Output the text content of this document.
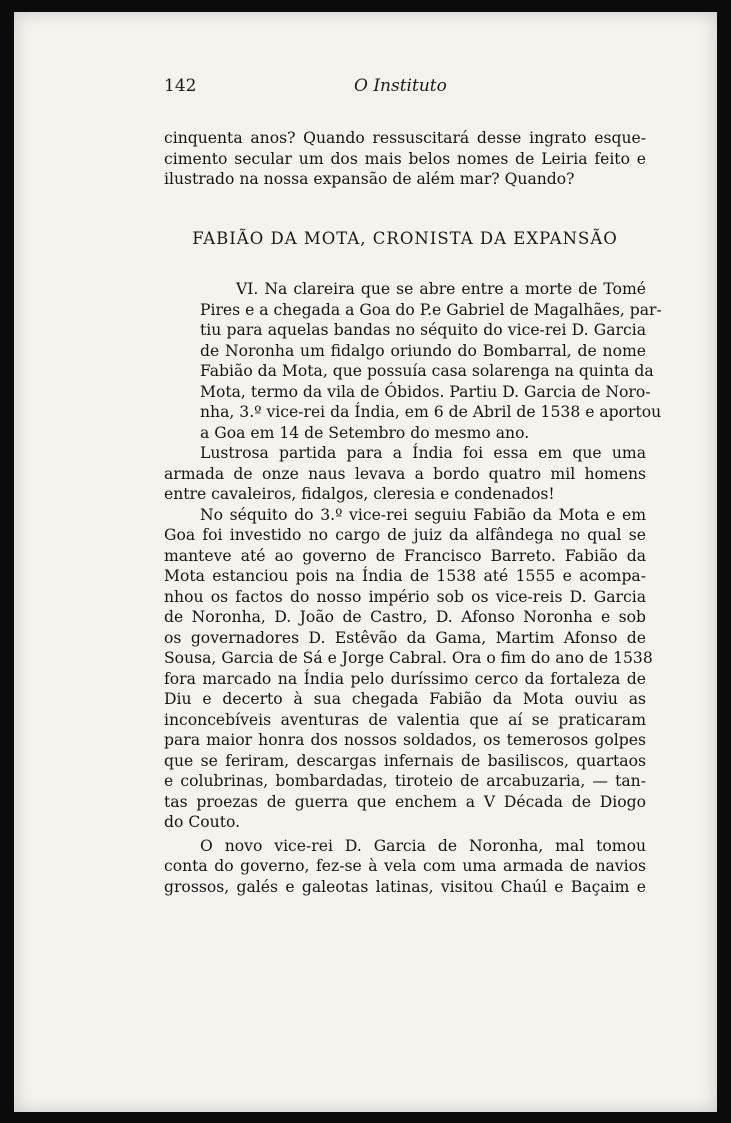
142	O Instituto

cinquenta anos? Quando ressuscitará desse ingrato esque-
cimento secular um dos mais belos nomes de Leiria feito e
ilustrado na nossa expansão de além mar? Quando?

FABIÃO DA MOTA, CRONISTA DA EXPANSÃO

VI. Na clareira que se abre entre a morte de Tomé
Pires e a chegada a Goa do P.e Gabriel de Magalhães, par-
tiu para aquelas bandas no séquito do vice-rei D. Garcia
de Noronha um fidalgo oriundo do Bombarral, de nome
Fabião da Mota, que possuía casa solarenga na quinta da
Mota, termo da vila de Óbidos. Partiu D. Garcia de Noro-
nha, 3.º vice-rei da Índia, em 6 de Abril de 1538 e aportou
a Goa em 14 de Setembro do mesmo ano.

Lustrosa partida para a Índia foi essa em que uma
armada de onze naus levava a bordo quatro mil homens
entre cavaleiros, fidalgos, cleresia e condenados!

No séquito do 3.º vice-rei seguiu Fabião da Mota e em
Goa foi investido no cargo de juiz da alfândega no qual se
manteve até ao governo de Francisco Barreto. Fabião da
Mota estanciou pois na Índia de 1538 até 1555 e acompa-
nhou os factos do nosso império sob os vice-reis D. Garcia
de Noronha, D. João de Castro, D. Afonso Noronha e sob
os governadores D. Estêvão da Gama, Martim Afonso de
Sousa, Garcia de Sá e Jorge Cabral. Ora o fim do ano de 1538
fora marcado na Índia pelo duríssimo cerco da fortaleza de
Diu e decerto à sua chegada Fabião da Mota ouviu as
inconcebíveis aventuras de valentia que aí se praticaram
para maior honra dos nossos soldados, os temerosos golpes
que se feriram, descargas infernais de basiliscos, quartaos
e colubrinas, bombardadas, tiroteio de arcabuzaria, — tan-
tas proezas de guerra que enchem a V Década de Diogo
do Couto.

O novo vice-rei D. Garcia de Noronha, mal tomou
conta do governo, fez-se à vela com uma armada de navios
grossos, galés e galeotas latinas, visitou Chaúl e Baçaim e
